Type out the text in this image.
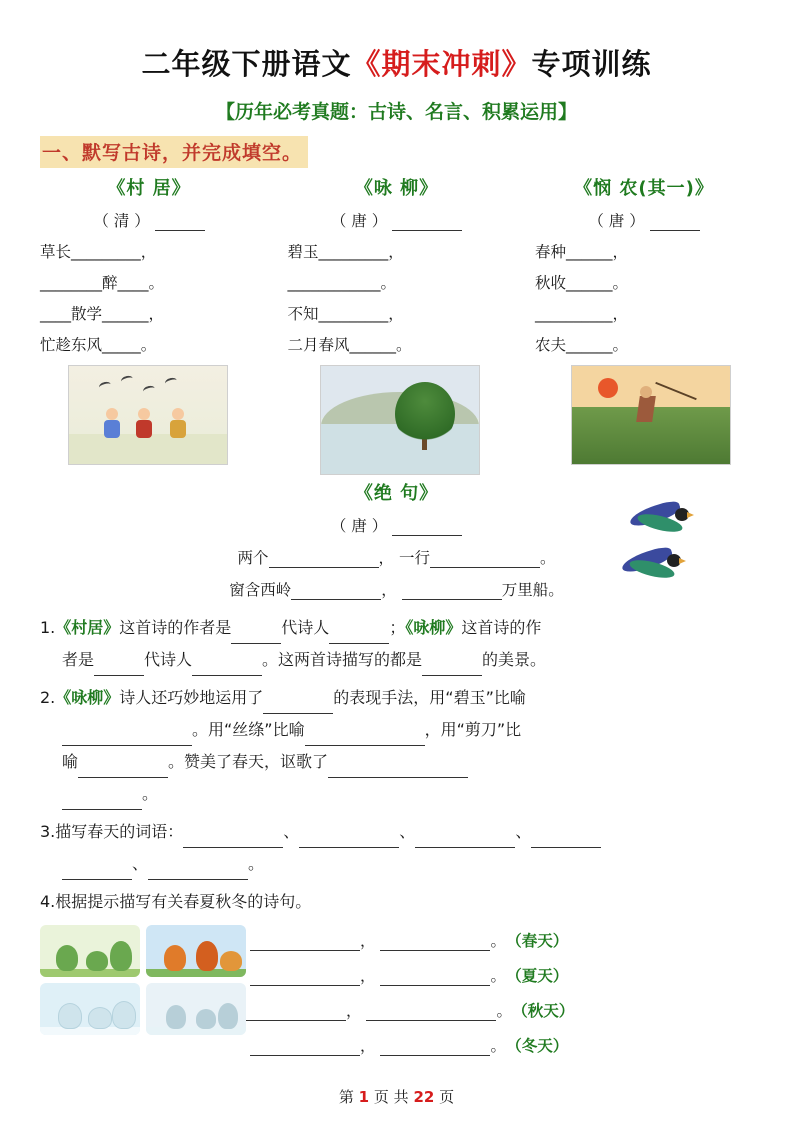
二年级下册语文《期末冲刺》专项训练
【历年必考真题：古诗、名言、积累运用】
一、默写古诗，并完成填空。
《村 居》
（ 清 ）
草长_________，
________醉____。
____散学______，
忙趁东风_____。
《咏 柳》
（ 唐 ）
碧玉_________，
____________。
不知_________，
二月春风______。
《悯 农(其一)》
（ 唐 ）
春种______，
秋收______。
__________，
农夫______。
《绝 句》
（ 唐 ）
两个	， 一行	。
窗含西岭	，	万里船。
1.《村居》这首诗的作者是	代诗人	；《咏柳》这首诗的作
者是	代诗人	。这两首诗描写的都是	的美景。
2.《咏柳》诗人还巧妙地运用了	的表现手法，用“碧玉”比喻
。用“丝绦”比喻	，用“剪刀”比
喻	。赞美了春天，讴歌了
。
3.描写春天的词语：	、	、	、
、	。
4.根据提示描写有关春夏秋冬的诗句。
，	。 （春天）
，	。 （夏天）
，	。 （秋天）
，	。 （冬天）
第 1 页 共 22 页
